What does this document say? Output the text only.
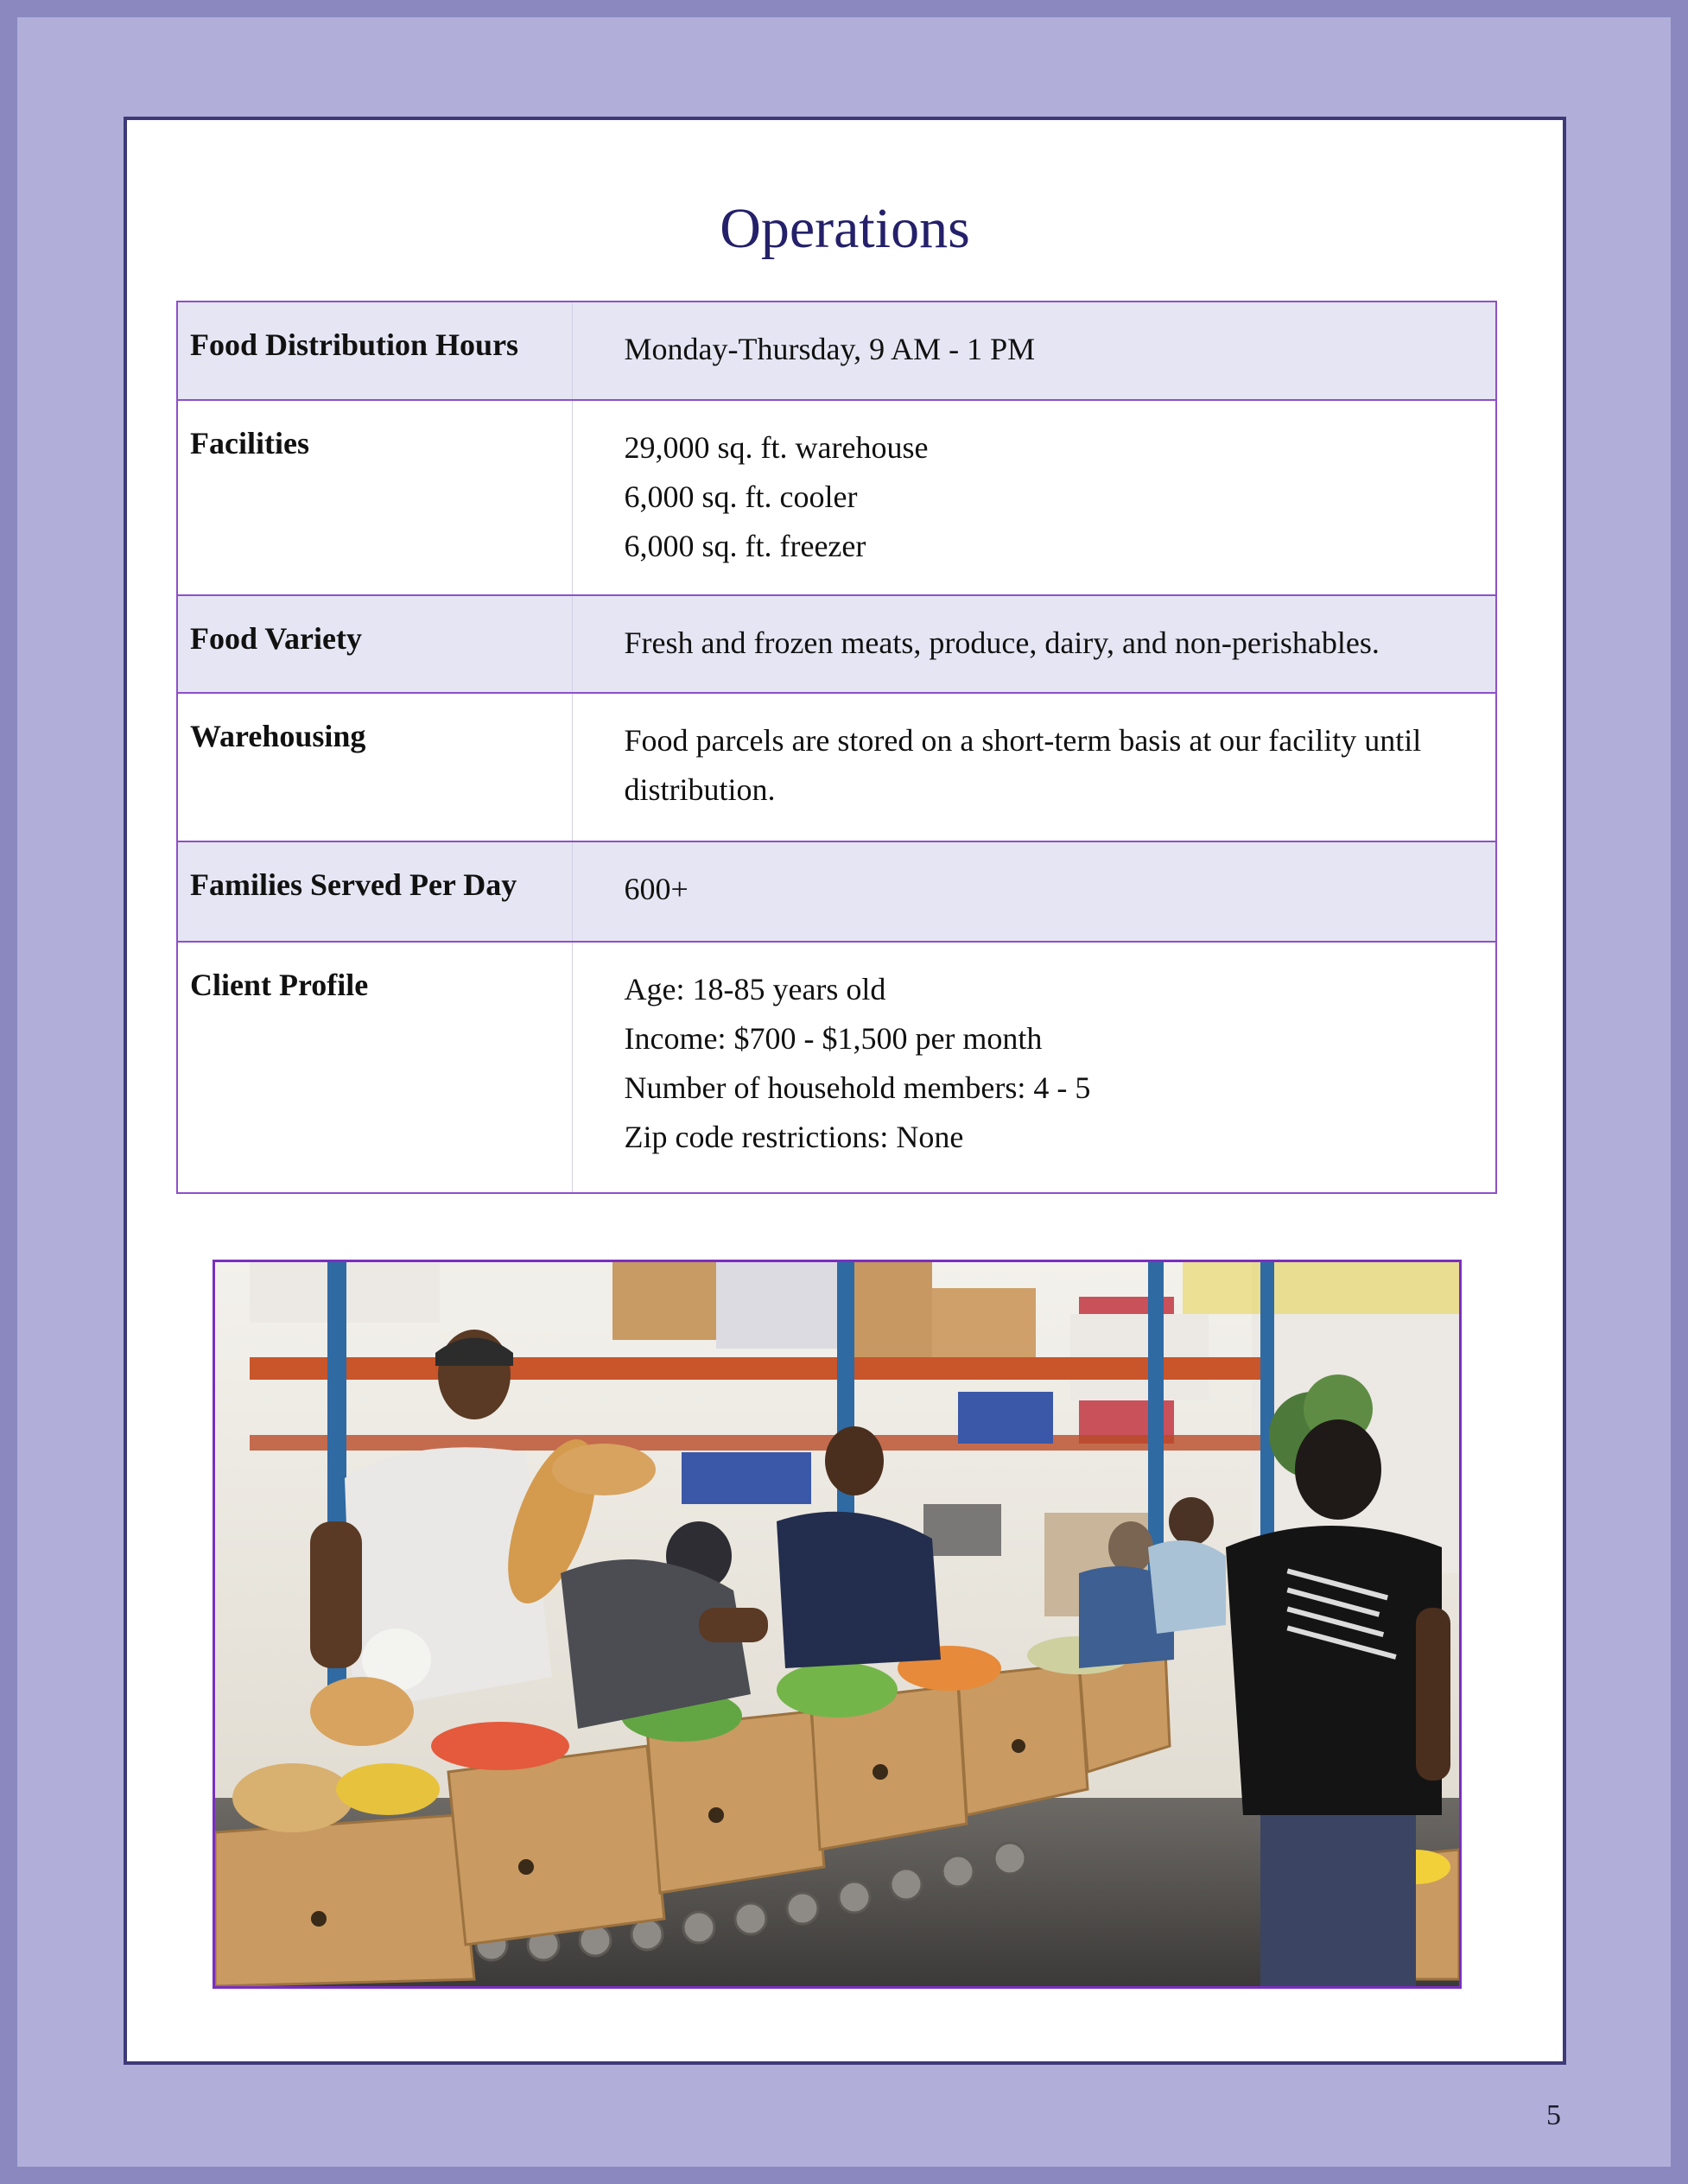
Operations
Food Distribution Hours	Monday-Thursday, 9 AM - 1 PM

Facilities	29,000 sq. ft. warehouse
6,000 sq. ft. cooler
6,000 sq. ft. freezer

Food Variety	Fresh and frozen meats, produce, dairy, and non-perishables.

Warehousing	Food parcels are stored on a short-term basis at our facility until distribution.

Families Served Per Day	600+

Client Profile	Age: 18-85 years old
Income: $700 - $1,500 per month
Number of household members: 4 - 5
Zip code restrictions: None
5
